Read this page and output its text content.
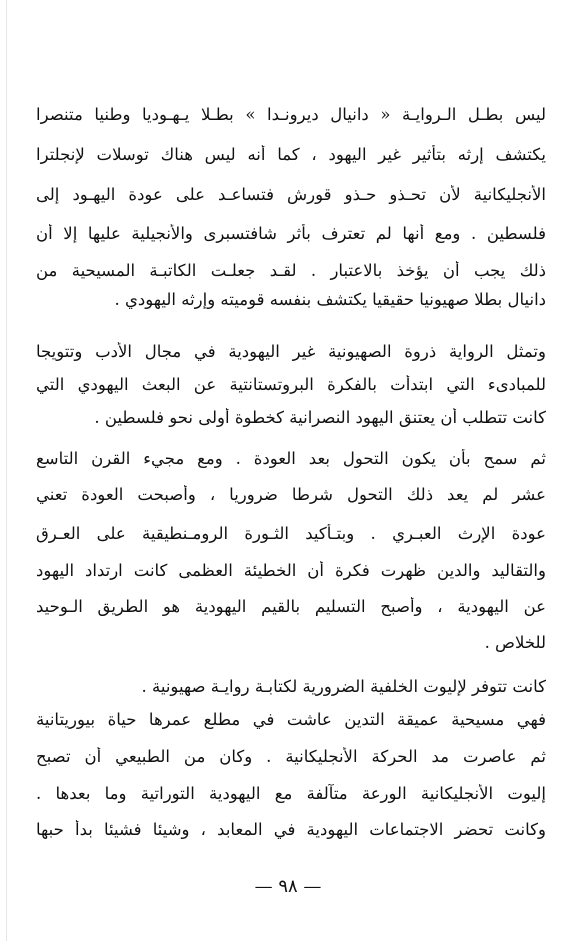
ليس بطـل الـروايـة « دانيال ديرونـدا » بطـلا يـهـوديا وطنيا متنصرا
يكتشف إرثه بتأثير غير اليهود ، كما أنه ليس هناك توسلات لإنجلترا
الأنجليكانية لأن تحـذو حـذو قورش فتساعـد على عودة اليهـود إلى
فلسطين . ومع أنها لم تعترف بأثر شافتسبرى والأنجيلية عليها إلا أن
ذلك يجب أن يؤخذ بالاعتبار . لقـد جعلـت الكاتبـة المسيحية من
دانيال بطلا صهيونيا حقيقيا يكتشف بنفسه قوميته وإرثه اليهودي .
وتمثل الرواية ذروة الصهيونية غير اليهودية في مجال الأدب وتتويجا
للمبادىء التي ابتدأت بالفكرة البروتستانتية عن البعث اليهودي التي
كانت تتطلب أن يعتنق اليهود النصرانية كخطوة أولى نحو فلسطين .
ثم سمح بأن يكون التحول بعد العودة . ومع مجيء القرن التاسع
عشر لم يعد ذلك التحول شرطا ضروريا ، وأصبحت العودة تعني
عودة الإرث العبـري . وبتـأكيد الثـورة الرومـنطيقية على العـرق
والتقاليد والدين ظهرت فكرة أن الخطيئة العظمى كانت ارتداد اليهود
عن اليهودية ، وأصبح التسليم بالقيم اليهودية هو الطريق الـوحيد
للخلاص .
كانت تتوفر لإليوت الخلفية الضرورية لكتابـة روايـة صهيونية .
فهي مسيحية عميقة التدين عاشت في مطلع عمرها حياة بيوريتانية
ثم عاصرت مد الحركة الأنجليكانية . وكان من الطبيعي أن تصبح
إليوت الأنجليكانية الورعة متآلفة مع اليهودية التوراتية وما بعدها .
وكانت تحضر الاجتماعات اليهودية في المعابد ، وشيئا فشيئا بدأ حبها
— ٩٨ —
